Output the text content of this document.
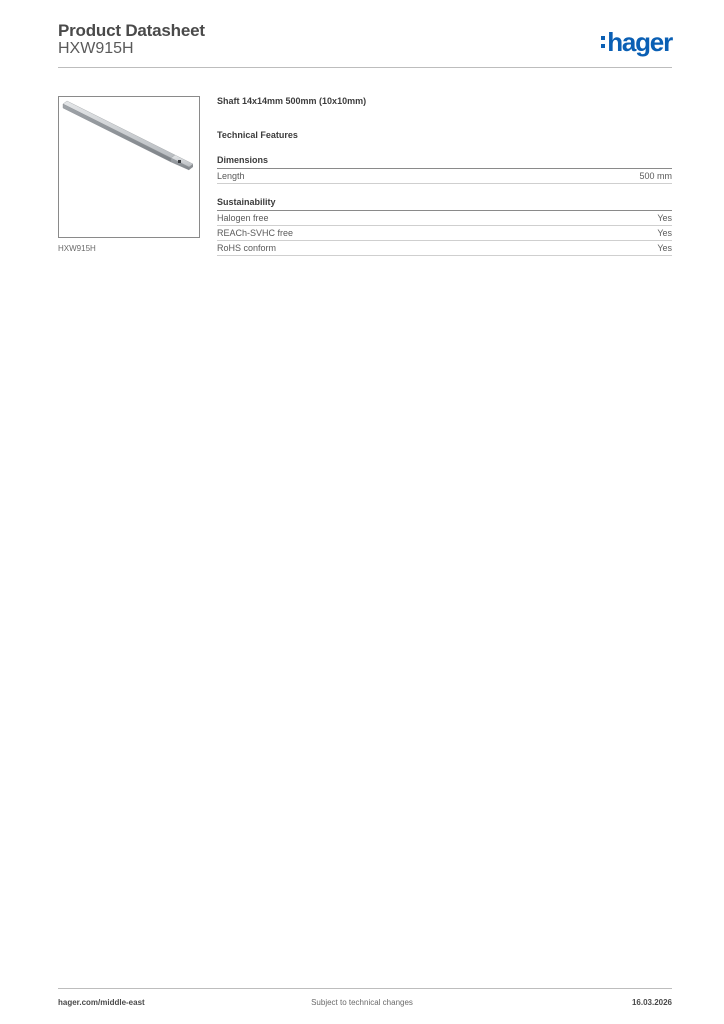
Product Datasheet
HXW915H	hager
HXW915H
Shaft 14x14mm 500mm (10x10mm)
Technical Features
Dimensions
Length	500 mm
Sustainability
Halogen free	Yes
REACh-SVHC free	Yes
RoHS conform	Yes
hager.com/middle-east	Subject to technical changes	16.03.2026
